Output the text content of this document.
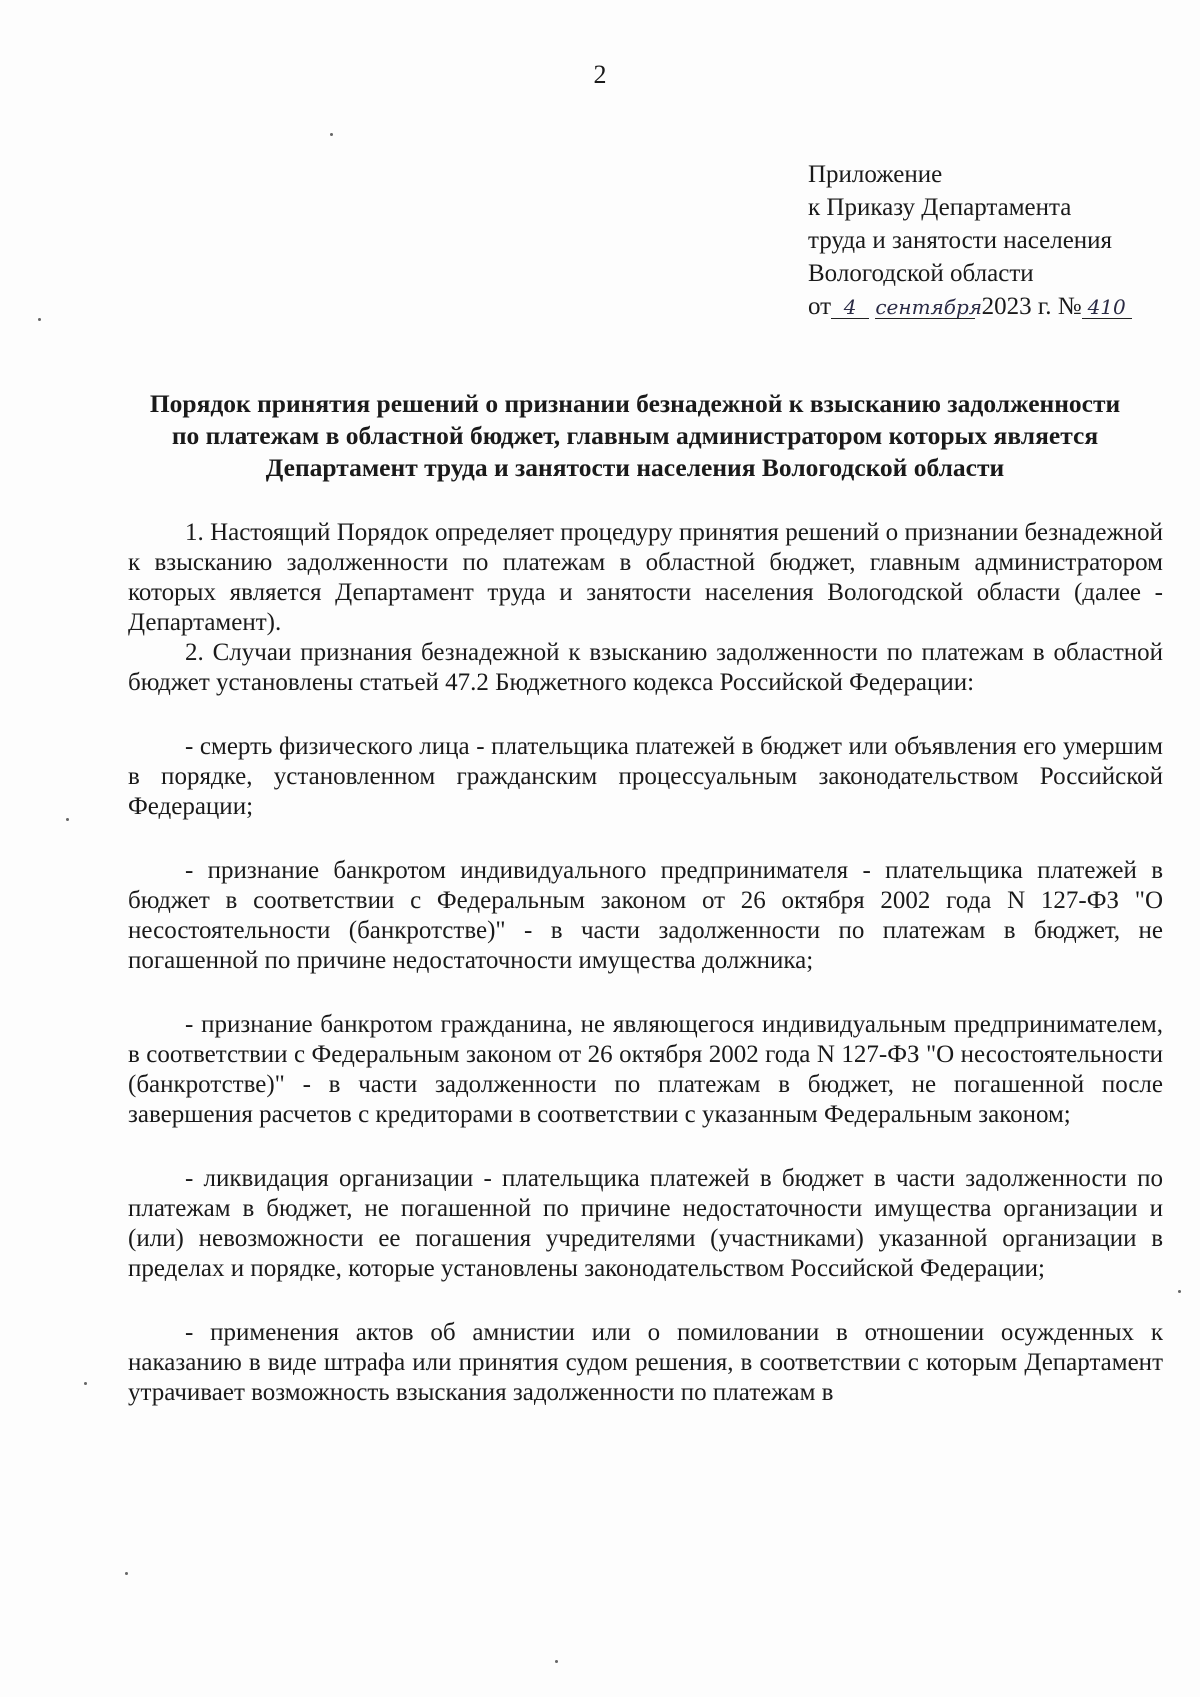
2
Приложение
к Приказу Департамента
труда и занятости населения
Вологодской области
от 4 сентября 2023 г. № 410
Порядок принятия решений о признании безнадежной к взысканию задолженности по платежам в областной бюджет, главным администратором которых является Департамент труда и занятости населения Вологодской области

1. Настоящий Порядок определяет процедуру принятия решений о признании безнадежной к взысканию задолженности по платежам в областной бюджет, главным администратором которых является Департамент труда и занятости населения Вологодской области (далее - Департамент).

2. Случаи признания безнадежной к взысканию задолженности по платежам в областной бюджет установлены статьей 47.2 Бюджетного кодекса Российской Федерации:

- смерть физического лица - плательщика платежей в бюджет или объявления его умершим в порядке, установленном гражданским процессуальным законодательством Российской Федерации;

- признание банкротом индивидуального предпринимателя - плательщика платежей в бюджет в соответствии с Федеральным законом от 26 октября 2002 года N 127-ФЗ "О несостоятельности (банкротстве)" - в части задолженности по платежам в бюджет, не погашенной по причине недостаточности имущества должника;

- признание банкротом гражданина, не являющегося индивидуальным предпринимателем, в соответствии с Федеральным законом от 26 октября 2002 года N 127-ФЗ "О несостоятельности (банкротстве)" - в части задолженности по платежам в бюджет, не погашенной после завершения расчетов с кредиторами в соответствии с указанным Федеральным законом;

- ликвидация организации - плательщика платежей в бюджет в части задолженности по платежам в бюджет, не погашенной по причине недостаточности имущества организации и (или) невозможности ее погашения учредителями (участниками) указанной организации в пределах и порядке, которые установлены законодательством Российской Федерации;

- применения актов об амнистии или о помиловании в отношении осужденных к наказанию в виде штрафа или принятия судом решения, в соответствии с которым Департамент утрачивает возможность взыскания задолженности по платежам в
